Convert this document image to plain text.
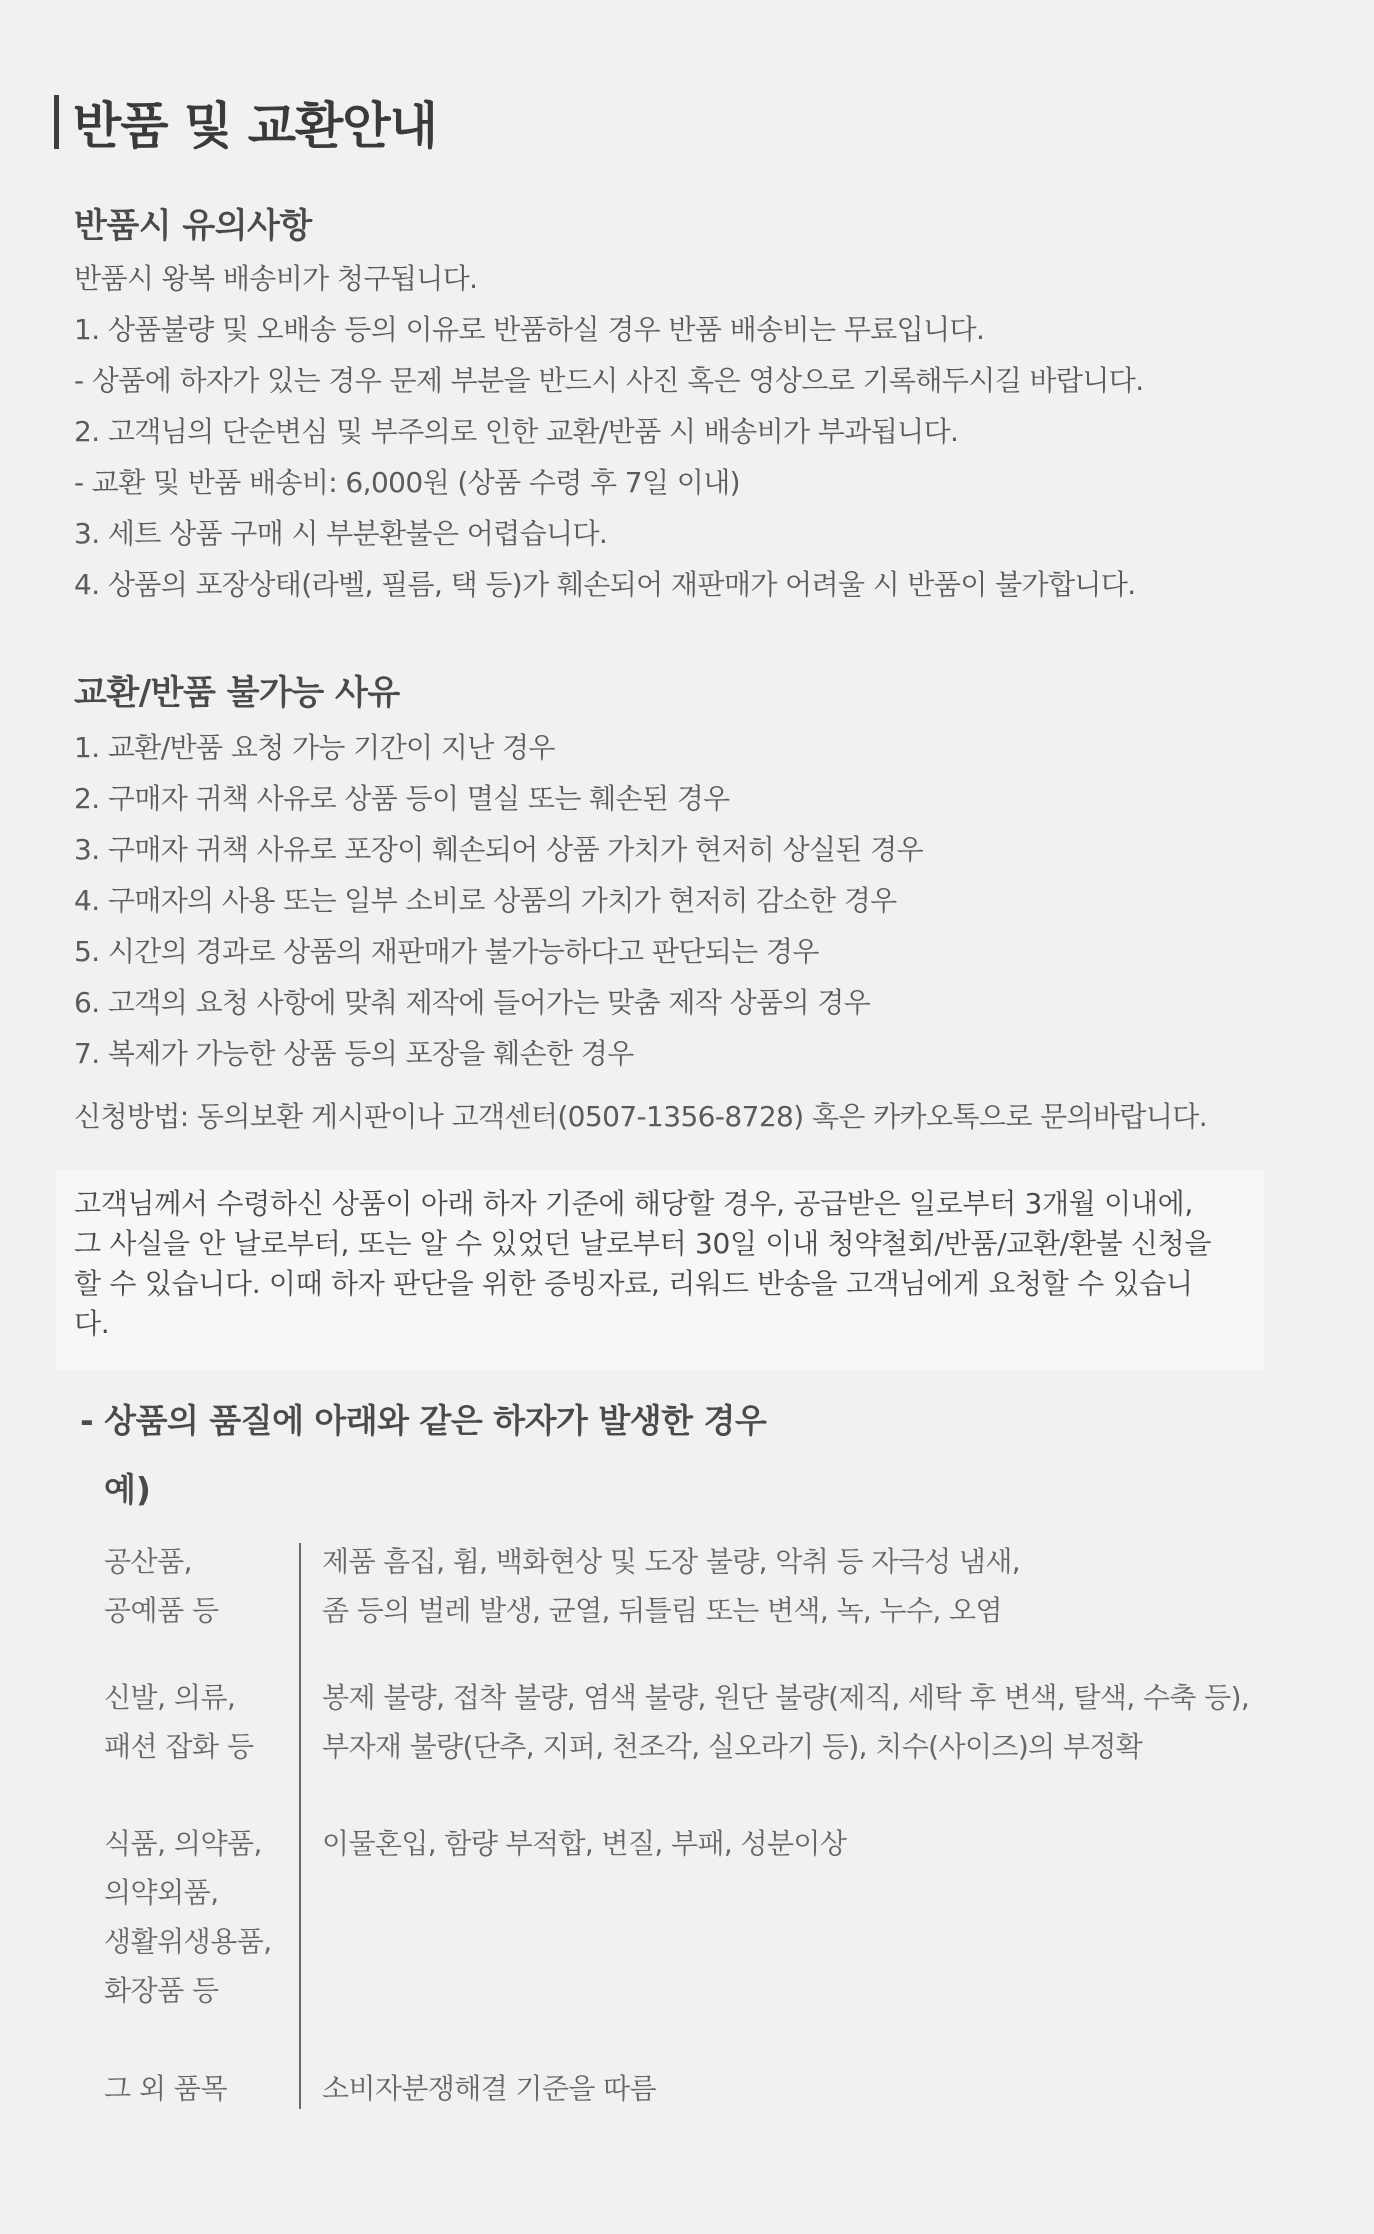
반품 및 교환안내
반품시 유의사항
반품시 왕복 배송비가 청구됩니다.
1. 상품불량 및 오배송 등의 이유로 반품하실 경우 반품 배송비는 무료입니다.
- 상품에 하자가 있는 경우 문제 부분을 반드시 사진 혹은 영상으로 기록해두시길 바랍니다.
2. 고객님의 단순변심 및 부주의로 인한 교환/반품 시 배송비가 부과됩니다.
- 교환 및 반품 배송비: 6,000원 (상품 수령 후 7일 이내)
3. 세트 상품 구매 시 부분환불은 어렵습니다.
4. 상품의 포장상태(라벨, 필름, 택 등)가 훼손되어 재판매가 어려울 시 반품이 불가합니다.
교환/반품 불가능 사유
1. 교환/반품 요청 가능 기간이 지난 경우
2. 구매자 귀책 사유로 상품 등이 멸실 또는 훼손된 경우
3. 구매자 귀책 사유로 포장이 훼손되어 상품 가치가 현저히 상실된 경우
4. 구매자의 사용 또는 일부 소비로 상품의 가치가 현저히 감소한 경우
5. 시간의 경과로 상품의 재판매가 불가능하다고 판단되는 경우
6. 고객의 요청 사항에 맞춰 제작에 들어가는 맞춤 제작 상품의 경우
7. 복제가 가능한 상품 등의 포장을 훼손한 경우
신청방법: 동의보환 게시판이나 고객센터(0507-1356-8728) 혹은 카카오톡으로 문의바랍니다.
고객님께서 수령하신 상품이 아래 하자 기준에 해당할 경우, 공급받은 일로부터 3개월 이내에, 그 사실을 안 날로부터, 또는 알 수 있었던 날로부터 30일 이내 청약철회/반품/교환/환불 신청을 할 수 있습니다. 이때 하자 판단을 위한 증빙자료, 리워드 반송을 고객님에게 요청할 수 있습니다.
- 상품의 품질에 아래와 같은 하자가 발생한 경우
예)
공산품,
공예품 등
제품 흠집, 휨, 백화현상 및 도장 불량, 악취 등 자극성 냄새,
좀 등의 벌레 발생, 균열, 뒤틀림 또는 변색, 녹, 누수, 오염
신발, 의류,
패션 잡화 등
봉제 불량, 접착 불량, 염색 불량, 원단 불량(제직, 세탁 후 변색, 탈색, 수축 등),
부자재 불량(단추, 지퍼, 천조각, 실오라기 등), 치수(사이즈)의 부정확
식품, 의약품,
의약외품,
생활위생용품,
화장품 등
이물혼입, 함량 부적합, 변질, 부패, 성분이상
그 외 품목	소비자분쟁해결 기준을 따름
